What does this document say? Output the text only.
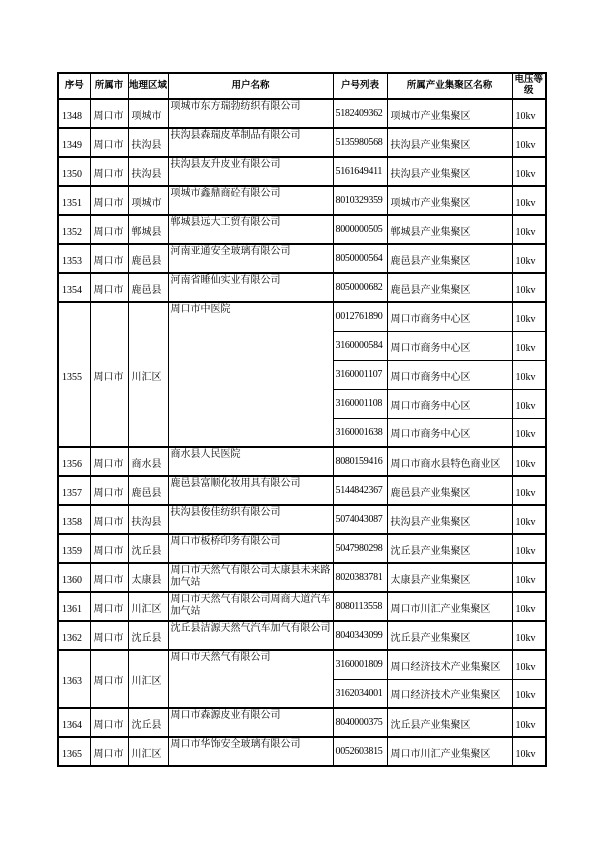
序号	所属市	地理区域	用户名称	户号列表	所属产业集聚区名称	电压等级
1348	周口市	项城市	项城市东方瑞勃纺织有限公司	5182409362	项城市产业集聚区	10kv
1349	周口市	扶沟县	扶沟县森瑞皮革制品有限公司	5135980568	扶沟县产业集聚区	10kv
1350	周口市	扶沟县	扶沟县友升皮业有限公司	5161649411	扶沟县产业集聚区	10kv
1351	周口市	项城市	项城市鑫鼎商砼有限公司	8010329359	项城市产业集聚区	10kv
1352	周口市	郸城县	郸城县远大工贸有限公司	8000000505	郸城县产业集聚区	10kv
1353	周口市	鹿邑县	河南亚通安全玻璃有限公司	8050000564	鹿邑县产业集聚区	10kv
1354	周口市	鹿邑县	河南省睡仙实业有限公司	8050000682	鹿邑县产业集聚区	10kv
1355	周口市	川汇区	周口市中医院	0012761890	周口市商务中心区	10kv
				3160000584	周口市商务中心区	10kv
				3160001107	周口市商务中心区	10kv
				3160001108	周口市商务中心区	10kv
				3160001638	周口市商务中心区	10kv
1356	周口市	商水县	商水县人民医院	8080159416	周口市商水县特色商业区	10kv
1357	周口市	鹿邑县	鹿邑县富顺化妆用具有限公司	5144842367	鹿邑县产业集聚区	10kv
1358	周口市	扶沟县	扶沟县俊佳纺织有限公司	5074043087	扶沟县产业集聚区	10kv
1359	周口市	沈丘县	周口市板桥印务有限公司	5047980298	沈丘县产业集聚区	10kv
1360	周口市	太康县	周口市天然气有限公司太康县未来路加气站	8020383781	太康县产业集聚区	10kv
1361	周口市	川汇区	周口市天然气有限公司周商大道汽车加气站	8080113558	周口市川汇产业集聚区	10kv
1362	周口市	沈丘县	沈丘县洁源天然气汽车加气有限公司	8040343099	沈丘县产业集聚区	10kv
1363	周口市	川汇区	周口市天然气有限公司	3160001809	周口经济技术产业集聚区	10kv
				3162034001	周口经济技术产业集聚区	10kv
1364	周口市	沈丘县	周口市森源皮业有限公司	8040000375	沈丘县产业集聚区	10kv
1365	周口市	川汇区	周口市华饰安全玻璃有限公司	0052603815	周口市川汇产业集聚区	10kv
